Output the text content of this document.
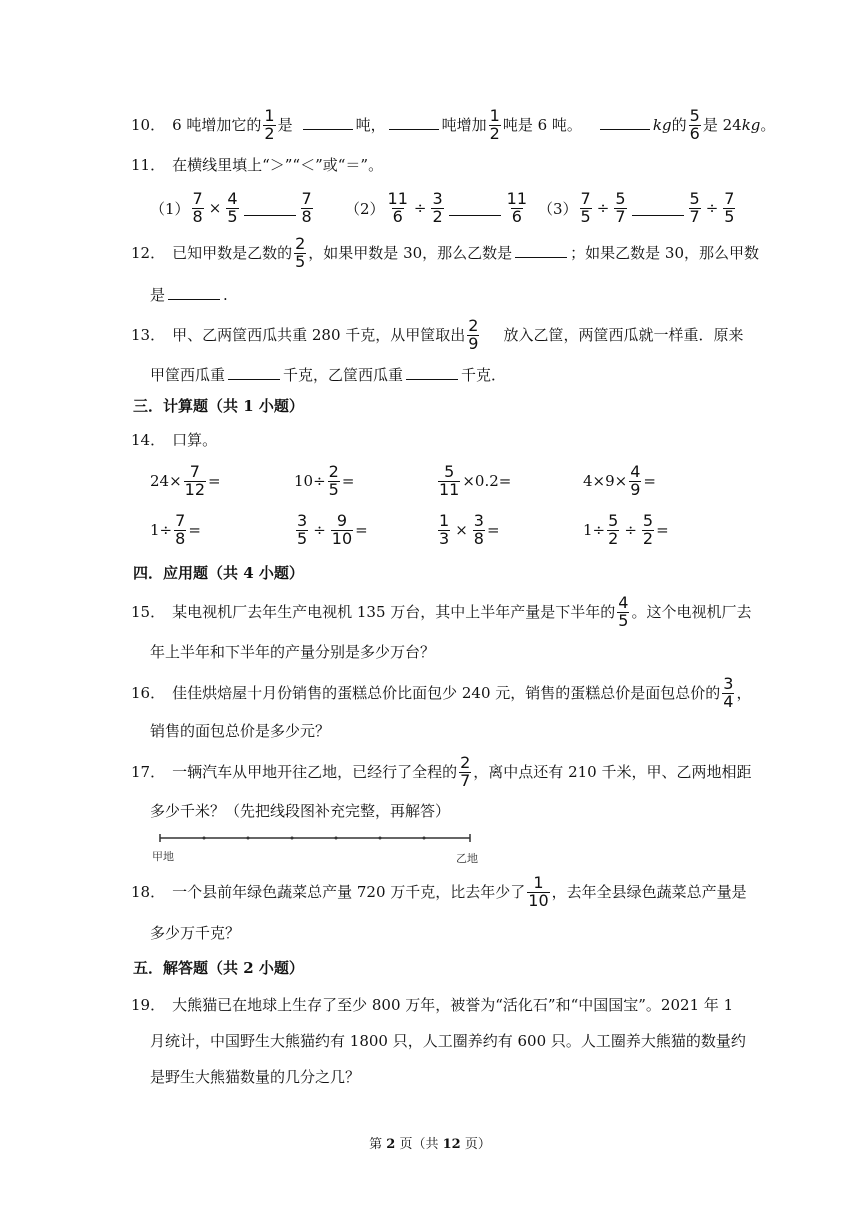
10． 6 吨增加它的 $\frac{1}{2}$ 是	吨，	吨增加 $\frac{1}{2}$ 吨是 6 吨。	kg 的 $\frac{5}{6}$ 是 24 kg 。
11． 在横线里填上“＞”“＜”或“＝”。
$(1) \frac{7}{8} \times \frac{4}{5}$	$\frac{7}{8} (2) \frac{11}{6} \div \frac{3}{2}$	$\frac{11}{6} (3) \frac{7}{5} \div \frac{5}{7}$	$\frac{5}{7} \div \frac{7}{5}$
12． 已知甲数是乙数的 $\frac{2}{5}$ ，如果甲数是 30，那么乙数是	；如果乙数是 30，那么甲数
是	.
13． 甲、乙两筐西瓜共重 280 千克，从甲筐取出 $\frac{2}{9}$ 放入乙筐，两筐西瓜就一样重．原来
甲筐西瓜重	千克，乙筐西瓜重	千克．
三．计算题（共 1 小题）
14． 口算。
$24\times \frac{7}{12}$ =	$10\div \frac{2}{5}$ =	$\frac{5}{11} \times 0.2=$	$4\times 9\times \frac{4}{9}$ =
$1\div \frac{7}{8}$ =	$\frac{3}{5} \div \frac{9}{10}$ =	$\frac{1}{3} \times \frac{3}{8}$ =	$1\div \frac{5}{2} \div \frac{5}{2}$ =
四．应用题（共 4 小题）
15． 某电视机厂去年生产电视机 135 万台，其中上半年产量是下半年的 $\frac{4}{5}$ 。这个电视机厂去
年上半年和下半年的产量分别是多少万台？
16． 佳佳烘焙屋十月份销售的蛋糕总价比面包少 240 元，销售的蛋糕总价是面包总价的 $\frac{3}{4}$ ，
销售的面包总价是多少元？
17． 一辆汽车从甲地开往乙地，已经行了全程的 $\frac{2}{7}$ ，离中点还有 210 千米，甲、乙两地相距
多少千米？（先把线段图补充完整，再解答）
甲地	乙地
18． 一个县前年绿色蔬菜总产量 720 万千克，比去年少了 $\frac{1}{10}$ ，去年全县绿色蔬菜总产量是
多少万千克？
五．解答题（共 2 小题）
19． 大熊猫已在地球上生存了至少 800 万年，被誉为“活化石”和“中国国宝”。2021 年 1
月统计，中国野生大熊猫约有 1800 只，人工圈养约有 600 只。人工圈养大熊猫的数量约
是野生大熊猫数量的几分之几？
第 2 页（共 12 页）
